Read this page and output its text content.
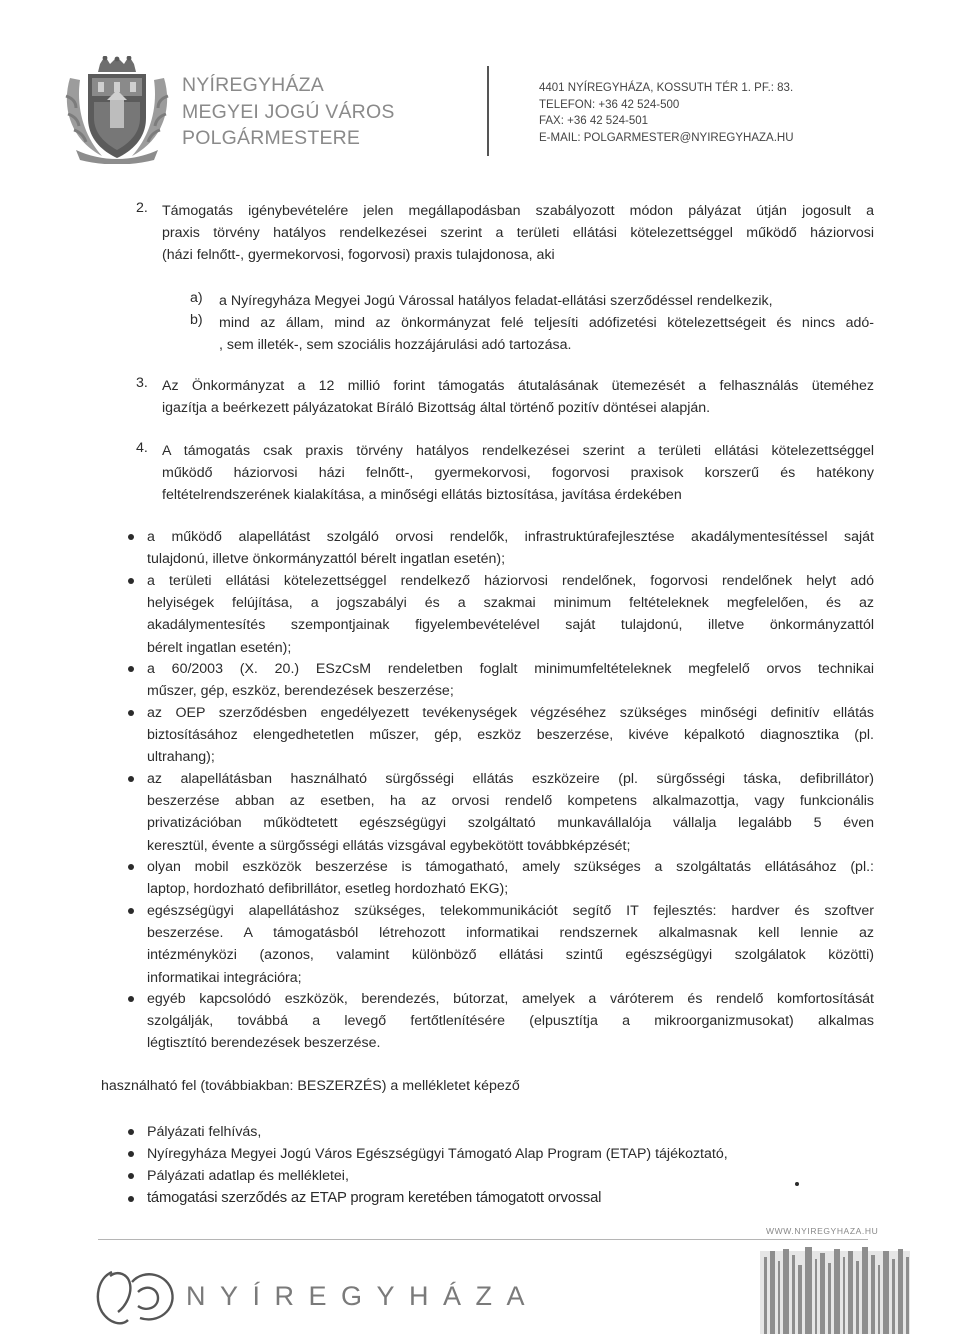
NYÍREGYHÁZA
MEGYEI JOGÚ VÁROS
POLGÁRMESTERE
4401 NYÍREGYHÁZA, KOSSUTH TÉR 1. PF.: 83.
TELEFON: +36 42 524-500
FAX: +36 42 524-501
E-MAIL: POLGARMESTER@NYIREGYHAZA.HU
2. Támogatás igénybevételére jelen megállapodásban szabályozott módon pályázat útján jogosult a
praxis törvény hatályos rendelkezései szerint a területi ellátási kötelezettséggel működő háziorvosi
(házi felnőtt-, gyermekorvosi, fogorvosi) praxis tulajdonosa, aki
a) a Nyíregyháza Megyei Jogú Várossal hatályos feladat-ellátási szerződéssel rendelkezik,
b) mind az állam, mind az önkormányzat felé teljesíti adófizetési kötelezettségeit és nincs adó-
, sem illeték-, sem szociális hozzájárulási adó tartozása.
3. Az Önkormányzat a 12 millió forint támogatás átutalásának ütemezését a felhasználás üteméhez
igazítja a beérkezett pályázatokat Bíráló Bizottság által történő pozitív döntései alapján.
4. A támogatás csak praxis törvény hatályos rendelkezései szerint a területi ellátási kötelezettséggel
működő háziorvosi házi felnőtt-, gyermekorvosi, fogorvosi praxisok korszerű és hatékony
feltételrendszerének kialakítása, a minőségi ellátás biztosítása, javítása érdekében
a működő alapellátást szolgáló orvosi rendelők, infrastruktúrafejlesztése akadálymentesítéssel saját
tulajdonú, illetve önkormányzattól bérelt ingatlan esetén);
a területi ellátási kötelezettséggel rendelkező háziorvosi rendelőnek, fogorvosi rendelőnek helyt adó
helyiségek felújítása, a jogszabályi és a szakmai minimum feltételeknek megfelelően, és az
akadálymentesítés szempontjainak figyelembevételével saját tulajdonú, illetve önkormányzattól
bérelt ingatlan esetén);
a 60/2003 (X. 20.) ESzCsM rendeletben foglalt minimumfeltételeknek megfelelő orvos technikai
műszer, gép, eszköz, berendezések beszerzése;
az OEP szerződésben engedélyezett tevékenységek végzéséhez szükséges minőségi definitív ellátás
biztosításához elengedhetetlen műszer, gép, eszköz beszerzése, kivéve képalkotó diagnosztika (pl.
ultrahang);
az alapellátásban használható sürgősségi ellátás eszközeire (pl. sürgősségi táska, defibrillátor)
beszerzése abban az esetben, ha az orvosi rendelő kompetens alkalmazottja, vagy funkcionális
privatizációban működtetett egészségügyi szolgáltató munkavállalója vállalja legalább 5 éven
keresztül, évente a sürgősségi ellátás vizsgával egybekötött továbbképzését;
olyan mobil eszközök beszerzése is támogatható, amely szükséges a szolgáltatás ellátásához (pl.:
laptop, hordozható defibrillátor, esetleg hordozható EKG);
egészségügyi alapellátáshoz szükséges, telekommunikációt segítő IT fejlesztés: hardver és szoftver
beszerzése. A támogatásból létrehozott informatikai rendszernek alkalmasnak kell lennie az
intézményközi (azonos, valamint különböző ellátási szintű egészségügyi szolgálatok közötti)
informatikai integrációra;
egyéb kapcsolódó eszközök, berendezés, bútorzat, amelyek a váróterem és rendelő komfortosítását
szolgálják, továbbá a levegő fertőtlenítésére (elpusztítja a mikroorganizmusokat) alkalmas
légtisztító berendezések beszerzése.
használható fel (továbbiakban: BESZERZÉS) a mellékletet képező
Pályázati felhívás,
Nyíregyháza Megyei Jogú Város Egészségügyi Támogató Alap Program (ETAP) tájékoztató,
Pályázati adatlap és mellékletei,
támogatási szerződés az ETAP program keretében támogatott orvossal
WWW.NYIREGYHAZA.HU
NYÍREGYHÁZA
